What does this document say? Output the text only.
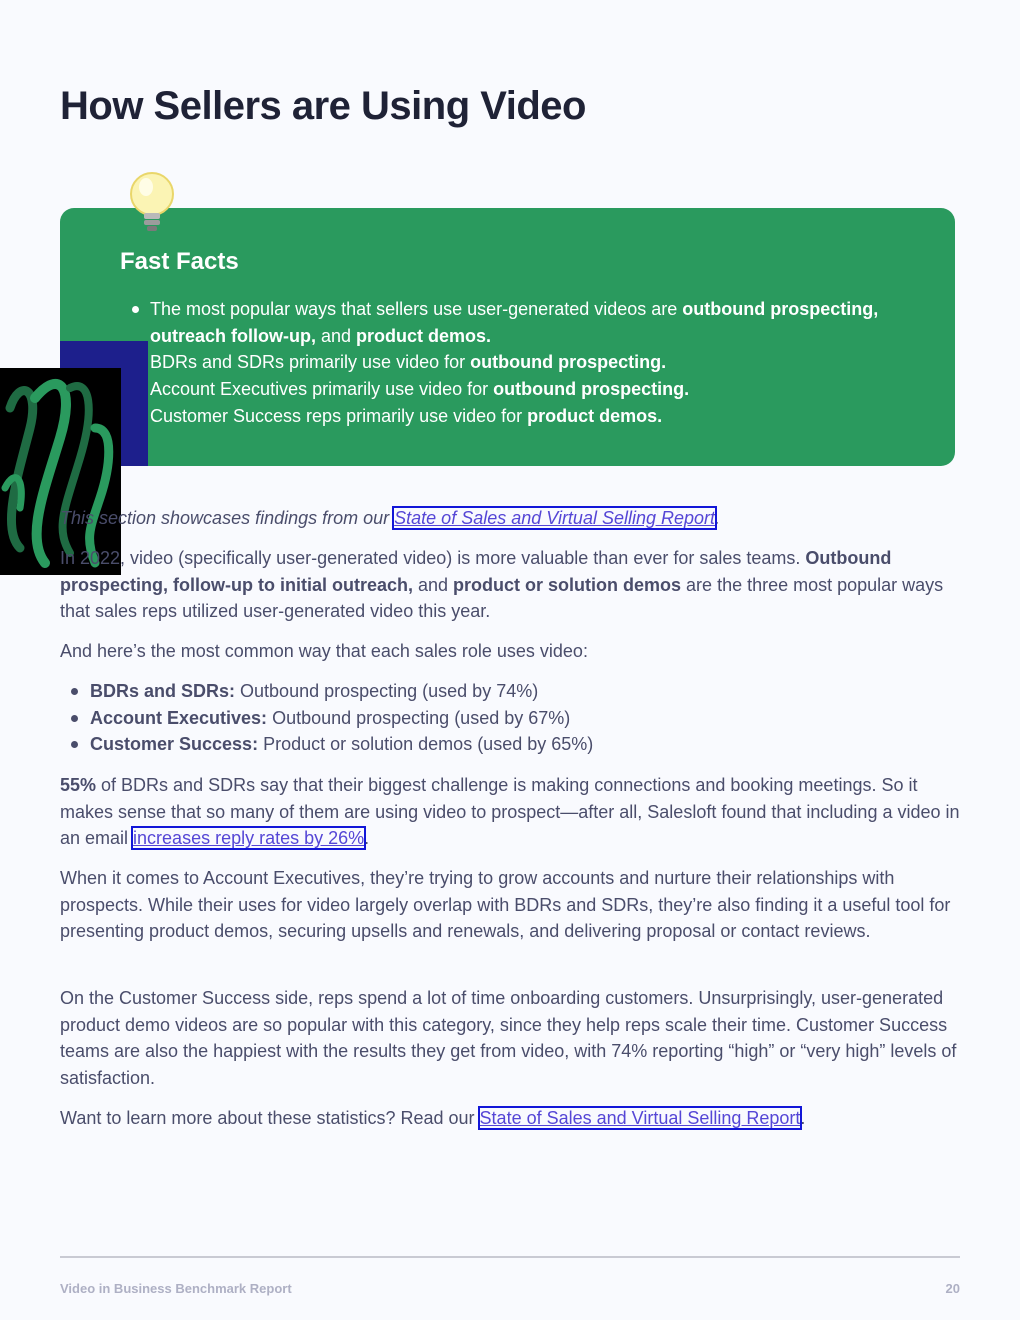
How Sellers are Using Video
Fast Facts
The most popular ways that sellers use user-generated videos are outbound prospecting, outreach follow-up, and product demos.
BDRs and SDRs primarily use video for outbound prospecting.
Account Executives primarily use video for outbound prospecting.
Customer Success reps primarily use video for product demos.

This section showcases findings from our State of Sales and Virtual Selling Report.

In 2022, video (specifically user-generated video) is more valuable than ever for sales teams. Outbound prospecting, follow-up to initial outreach, and product or solution demos are the three most popular ways that sales reps utilized user-generated video this year.

And here’s the most common way that each sales role uses video:

BDRs and SDRs: Outbound prospecting (used by 74%)
Account Executives: Outbound prospecting (used by 67%)
Customer Success: Product or solution demos (used by 65%)

55% of BDRs and SDRs say that their biggest challenge is making connections and booking meetings. So it makes sense that so many of them are using video to prospect—after all, Salesloft found that including a video in an email increases reply rates by 26%.

When it comes to Account Executives, they’re trying to grow accounts and nurture their relationships with prospects. While their uses for video largely overlap with BDRs and SDRs, they’re also finding it a useful tool for presenting product demos, securing upsells and renewals, and delivering proposal or contact reviews.

On the Customer Success side, reps spend a lot of time onboarding customers. Unsurprisingly, user-generated product demo videos are so popular with this category, since they help reps scale their time. Customer Success teams are also the happiest with the results they get from video, with 74% reporting “high” or “very high” levels of satisfaction.

Want to learn more about these statistics? Read our State of Sales and Virtual Selling Report.

Video in Business Benchmark Report	20
